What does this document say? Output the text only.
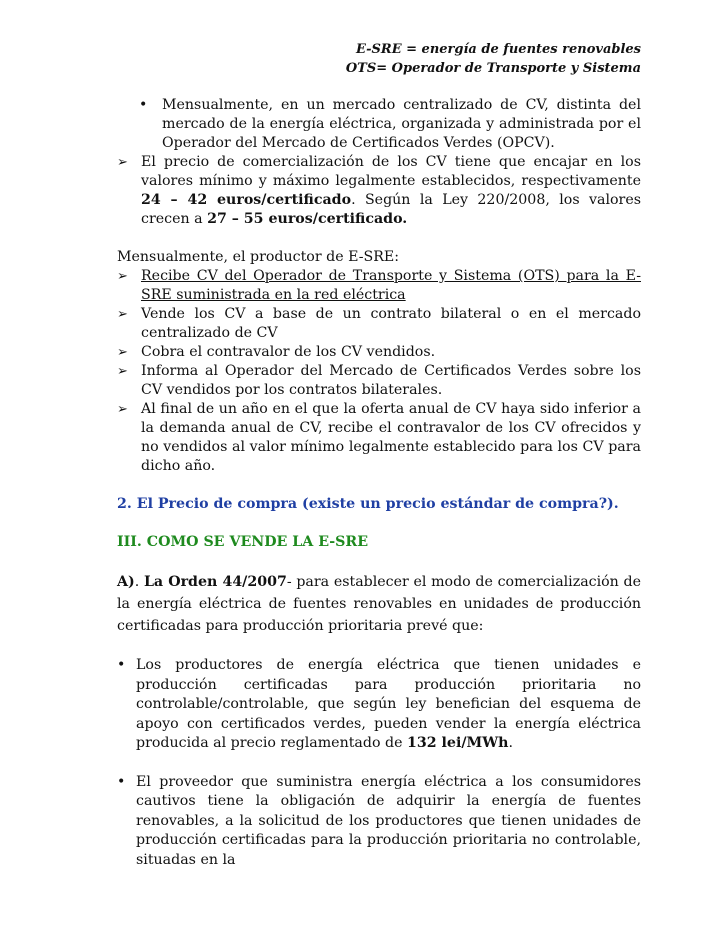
E-SRE = energía de fuentes renovables
OTS= Operador de Transporte y Sistema
• Mensualmente, en un mercado centralizado de CV, distinta del mercado de la energía eléctrica, organizada y administrada por el Operador del Mercado de Certificados Verdes (OPCV).
➢ El precio de comercialización de los CV tiene que encajar en los valores mínimo y máximo legalmente establecidos, respectivamente 24 – 42 euros/certificado. Según la Ley 220/2008, los valores crecen a 27 – 55 euros/certificado.
Mensualmente, el productor de E-SRE:
➢ Recibe CV del Operador de Transporte y Sistema (OTS) para la E-SRE suministrada en la red eléctrica
➢ Vende los CV a base de un contrato bilateral o en el mercado centralizado de CV
➢ Cobra el contravalor de los CV vendidos.
➢ Informa al Operador del Mercado de Certificados Verdes sobre los CV vendidos por los contratos bilaterales.
➢ Al final de un año en el que la oferta anual de CV haya sido inferior a la demanda anual de CV, recibe el contravalor de los CV ofrecidos y no vendidos al valor mínimo legalmente establecido para los CV para dicho año.
2. El Precio de compra (existe un precio estándar de compra?).
III. COMO SE VENDE LA E-SRE
A). La Orden 44/2007- para establecer el modo de comercialización de la energía eléctrica de fuentes renovables en unidades de producción certificadas para producción prioritaria prevé que:
• Los productores de energía eléctrica que tienen unidades e producción certificadas para producción prioritaria no controlable/controlable, que según ley benefician del esquema de apoyo con certificados verdes, pueden vender la energía eléctrica producida al precio reglamentado de 132 lei/MWh.
• El proveedor que suministra energía eléctrica a los consumidores cautivos tiene la obligación de adquirir la energía de fuentes renovables, a la solicitud de los productores que tienen unidades de producción certificadas para la producción prioritaria no controlable, situadas en la
